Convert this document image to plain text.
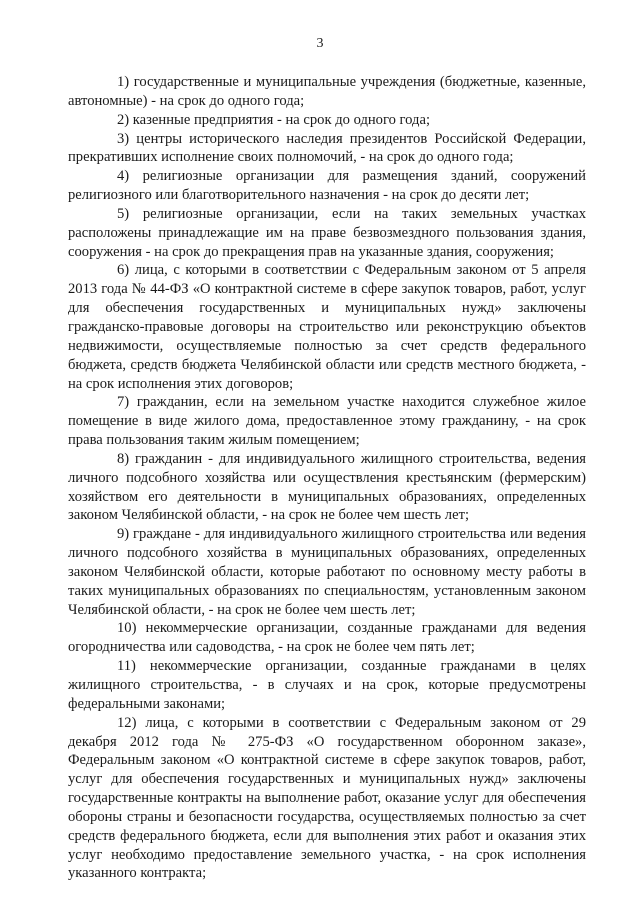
3

1) государственные и муниципальные учреждения (бюджетные, казенные, автономные) - на срок до одного года;

2) казенные предприятия - на срок до одного года;

3) центры исторического наследия президентов Российской Федерации, прекративших исполнение своих полномочий, - на срок до одного года;

4) религиозные организации для размещения зданий, сооружений религиозного или благотворительного назначения - на срок до десяти лет;

5) религиозные организации, если на таких земельных участках расположены принадлежащие им на праве безвозмездного пользования здания, сооружения - на срок до прекращения прав на указанные здания, сооружения;

6) лица, с которыми в соответствии с Федеральным законом от 5 апреля 2013 года № 44-ФЗ «О контрактной системе в сфере закупок товаров, работ, услуг для обеспечения государственных и муниципальных нужд» заключены гражданско-правовые договоры на строительство или реконструкцию объектов недвижимости, осуществляемые полностью за счет средств федерального бюджета, средств бюджета Челябинской области или средств местного бюджета, - на срок исполнения этих договоров;

7) гражданин, если на земельном участке находится служебное жилое помещение в виде жилого дома, предоставленное этому гражданину, - на срок права пользования таким жилым помещением;

8) гражданин - для индивидуального жилищного строительства, ведения личного подсобного хозяйства или осуществления крестьянским (фермерским) хозяйством его деятельности в муниципальных образованиях, определенных законом Челябинской области, - на срок не более чем шесть лет;

9) граждане - для индивидуального жилищного строительства или ведения личного подсобного хозяйства в муниципальных образованиях, определенных законом Челябинской области, которые работают по основному месту работы в таких муниципальных образованиях по специальностям, установленным законом Челябинской области, - на срок не более чем шесть лет;

10) некоммерческие организации, созданные гражданами для ведения огородничества или садоводства, - на срок не более чем пять лет;

11) некоммерческие организации, созданные гражданами в целях жилищного строительства, - в случаях и на срок, которые предусмотрены федеральными законами;

12) лица, с которыми в соответствии с Федеральным законом от 29 декабря 2012 года № 275-ФЗ «О государственном оборонном заказе», Федеральным законом «О контрактной системе в сфере закупок товаров, работ, услуг для обеспечения государственных и муниципальных нужд» заключены государственные контракты на выполнение работ, оказание услуг для обеспечения обороны страны и безопасности государства, осуществляемых полностью за счет средств федерального бюджета, если для выполнения этих работ и оказания этих услуг необходимо предоставление земельного участка, - на срок исполнения указанного контракта;
